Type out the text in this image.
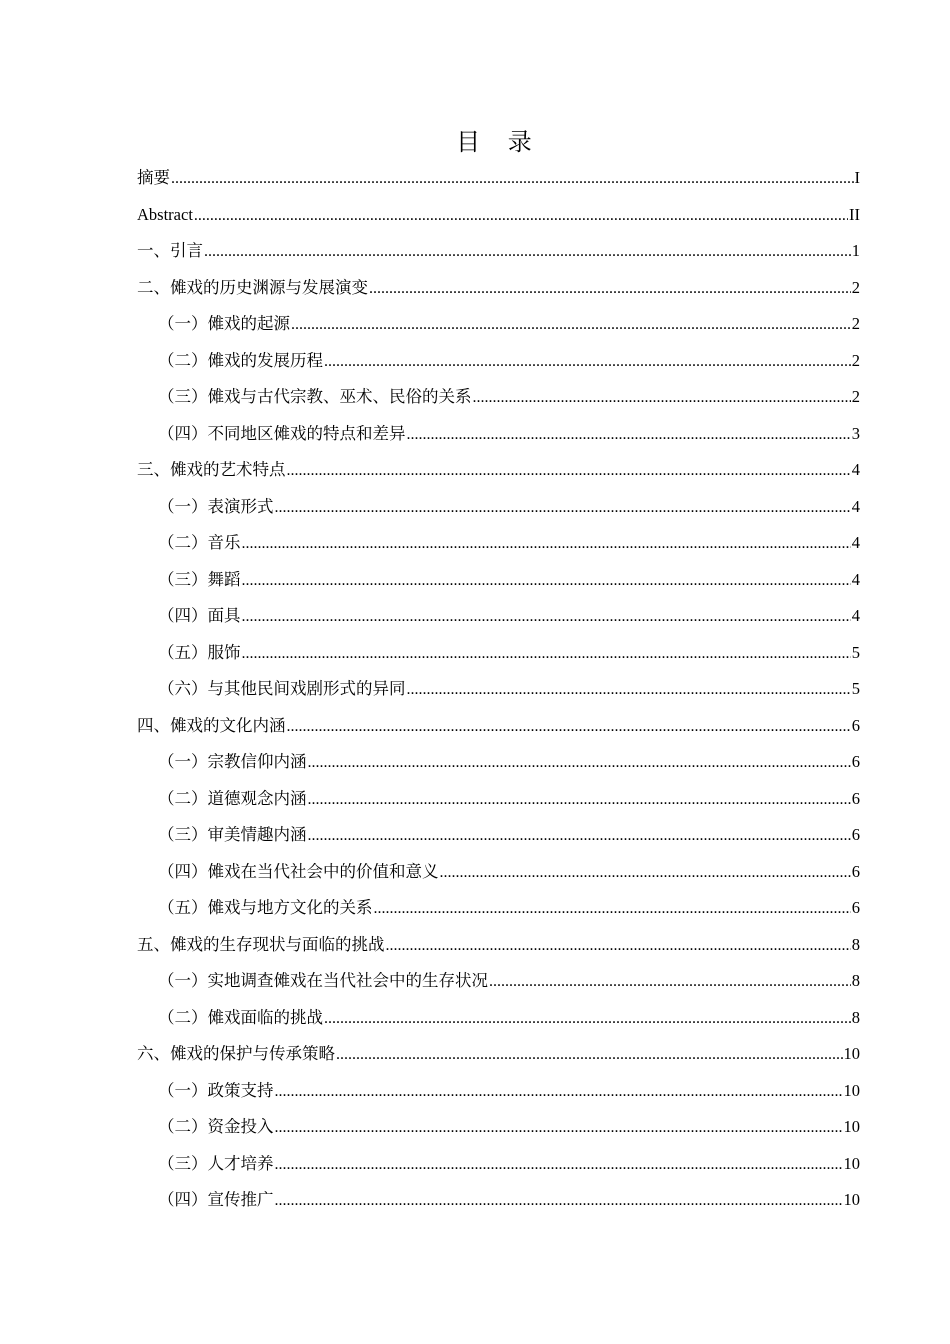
目 录
摘要 .....	I
Abstract .....	II
一、引言 .....	1
二、傩戏的历史渊源与发展演变 .....	2
（一）傩戏的起源 .....	2
（二）傩戏的发展历程 .....	2
（三）傩戏与古代宗教、巫术、民俗的关系 .....	2
（四）不同地区傩戏的特点和差异 .....	3
三、傩戏的艺术特点 .....	4
（一）表演形式 .....	4
（二）音乐 .....	4
（三）舞蹈 .....	4
（四）面具 .....	4
（五）服饰 .....	5
（六）与其他民间戏剧形式的异同 .....	5
四、傩戏的文化内涵 .....	6
（一）宗教信仰内涵 .....	6
（二）道德观念内涵 .....	6
（三）审美情趣内涵 .....	6
（四）傩戏在当代社会中的价值和意义 .....	6
（五）傩戏与地方文化的关系 .....	6
五、傩戏的生存现状与面临的挑战 .....	8
（一）实地调查傩戏在当代社会中的生存状况 .....	8
（二）傩戏面临的挑战 .....	8
六、傩戏的保护与传承策略 .....	10
（一）政策支持 .....	10
（二）资金投入 .....	10
（三）人才培养 .....	10
（四）宣传推广 .....	10
